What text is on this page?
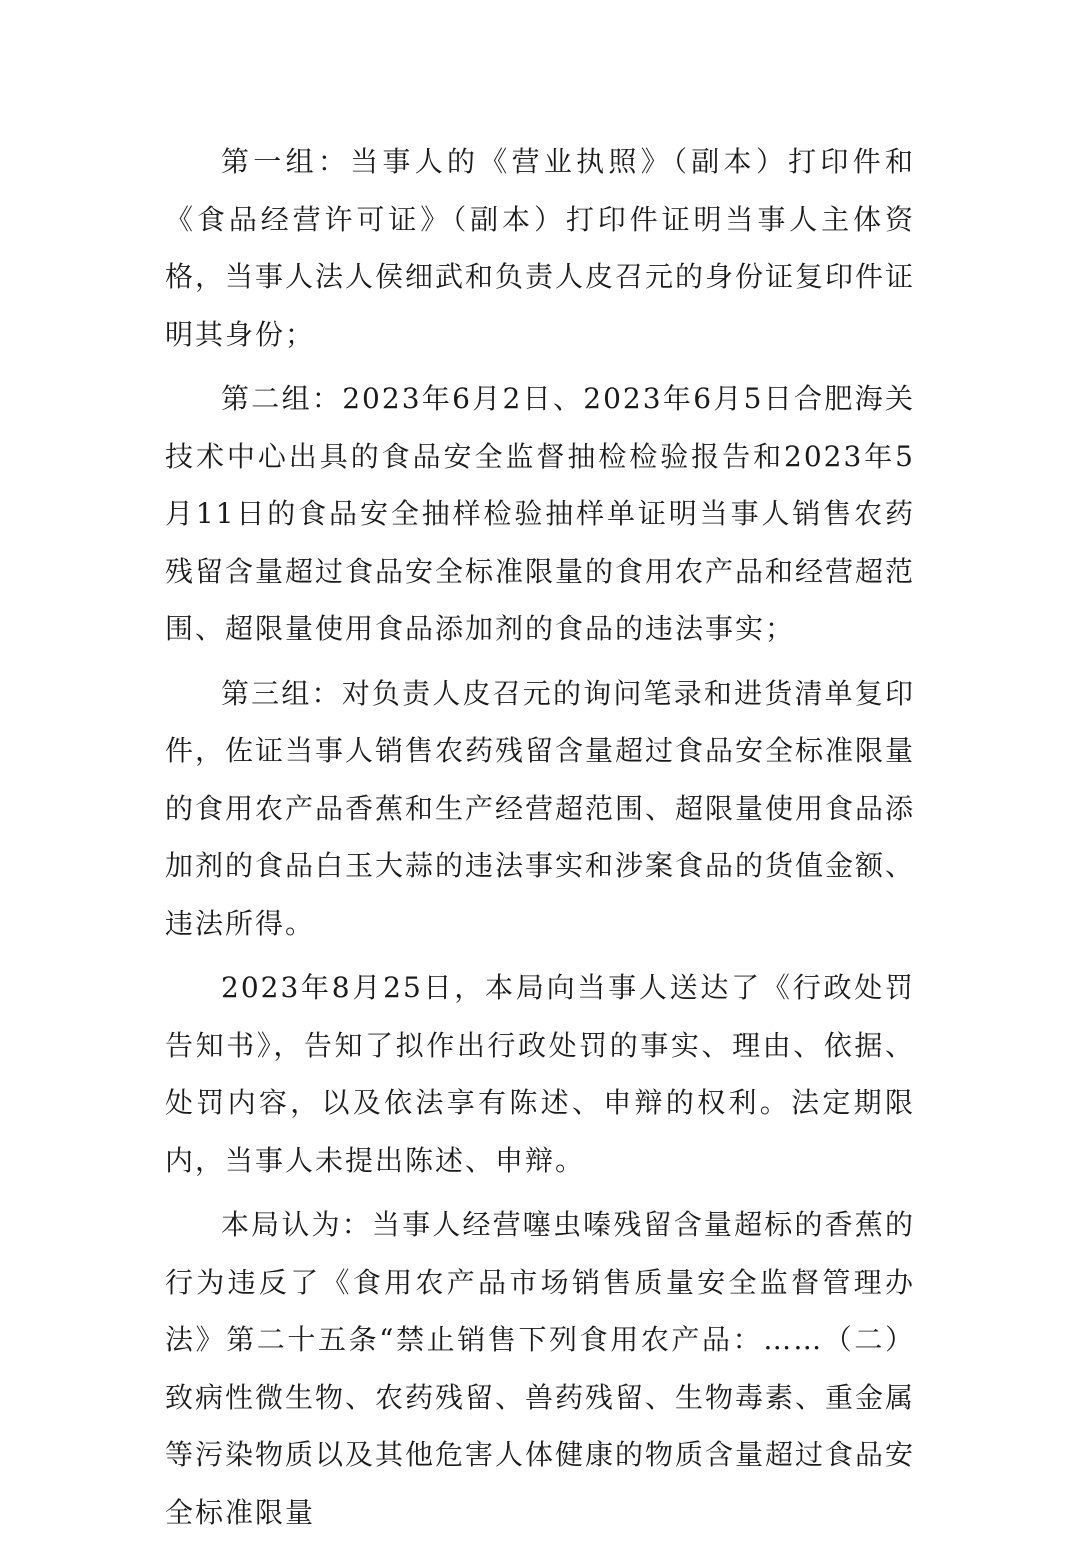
第一组：当事人的《营业执照》（副本）打印件和《食品经营许可证》（副本）打印件证明当事人主体资格，当事人法人侯细武和负责人皮召元的身份证复印件证明其身份；

第二组：2023年6月2日、2023年6月5日合肥海关技术中心出具的食品安全监督抽检检验报告和2023年5月11日的食品安全抽样检验抽样单证明当事人销售农药残留含量超过食品安全标准限量的食用农产品和经营超范围、超限量使用食品添加剂的食品的违法事实；

第三组：对负责人皮召元的询问笔录和进货清单复印件，佐证当事人销售农药残留含量超过食品安全标准限量的食用农产品香蕉和生产经营超范围、超限量使用食品添加剂的食品白玉大蒜的违法事实和涉案食品的货值金额、违法所得。

2023年8月25日，本局向当事人送达了《行政处罚告知书》，告知了拟作出行政处罚的事实、理由、依据、处罚内容，以及依法享有陈述、申辩的权利。法定期限内，当事人未提出陈述、申辩。

本局认为：当事人经营噻虫嗪残留含量超标的香蕉的行为违反了《食用农产品市场销售质量安全监督管理办法》第二十五条“禁止销售下列食用农产品：……（二）致病性微生物、农药残留、兽药残留、生物毒素、重金属等污染物质以及其他危害人体健康的物质含量超过食品安全标准限量
